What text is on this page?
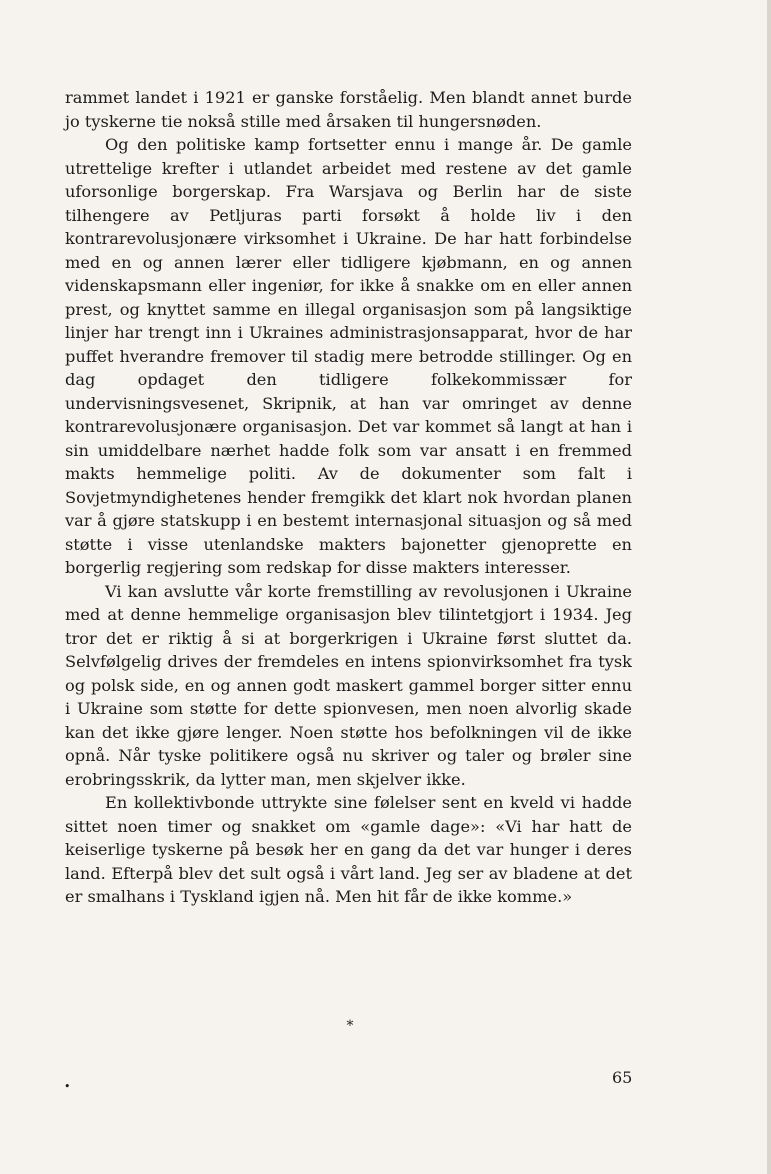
rammet landet i 1921 er ganske forståelig. Men blandt annet burde jo tyskerne tie nokså stille med årsaken til hungersnøden.

Og den politiske kamp fortsetter ennu i mange år. De gamle utrettelige krefter i utlandet arbeidet med restene av det gamle uforsonlige borgerskap. Fra Warsjava og Berlin har de siste tilhengere av Petljuras parti forsøkt å holde liv i den kontrarevolusjonære virksomhet i Ukraine. De har hatt forbindelse med en og annen lærer eller tidligere kjøbmann, en og annen videnskapsmann eller ingeniør, for ikke å snakke om en eller annen prest, og knyttet samme en illegal organisasjon som på langsiktige linjer har trengt inn i Ukraines administrasjonsapparat, hvor de har puffet hverandre fremover til stadig mere betrodde stillinger. Og en dag opdaget den tidligere folkekommissær for undervisningsvesenet, Skripnik, at han var omringet av denne kontrarevolusjonære organisasjon. Det var kommet så langt at han i sin umiddelbare nærhet hadde folk som var ansatt i en fremmed makts hemmelige politi. Av de dokumenter som falt i Sovjetmyndighetenes hender fremgikk det klart nok hvordan planen var å gjøre statskupp i en bestemt internasjonal situasjon og så med støtte i visse utenlandske makters bajonetter gjenoprette en borgerlig regjering som redskap for disse makters interesser.

Vi kan avslutte vår korte fremstilling av revolusjonen i Ukraine med at denne hemmelige organisasjon blev tilintetgjort i 1934. Jeg tror det er riktig å si at borgerkrigen i Ukraine først sluttet da. Selvfølgelig drives der fremdeles en intens spionvirksomhet fra tysk og polsk side, en og annen godt maskert gammel borger sitter ennu i Ukraine som støtte for dette spionvesen, men noen alvorlig skade kan det ikke gjøre lenger. Noen støtte hos befolkningen vil de ikke opnå. Når tyske politikere også nu skriver og taler og brøler sine erobringsskrik, da lytter man, men skjelver ikke.

En kollektivbonde uttrykte sine følelser sent en kveld vi hadde sittet noen timer og snakket om «gamle dage»: «Vi har hatt de keiserlige tyskerne på besøk her en gang da det var hunger i deres land. Efterpå blev det sult også i vårt land. Jeg ser av bladene at det er smalhans i Tyskland igjen nå. Men hit får de ikke komme.»

*
65
•
